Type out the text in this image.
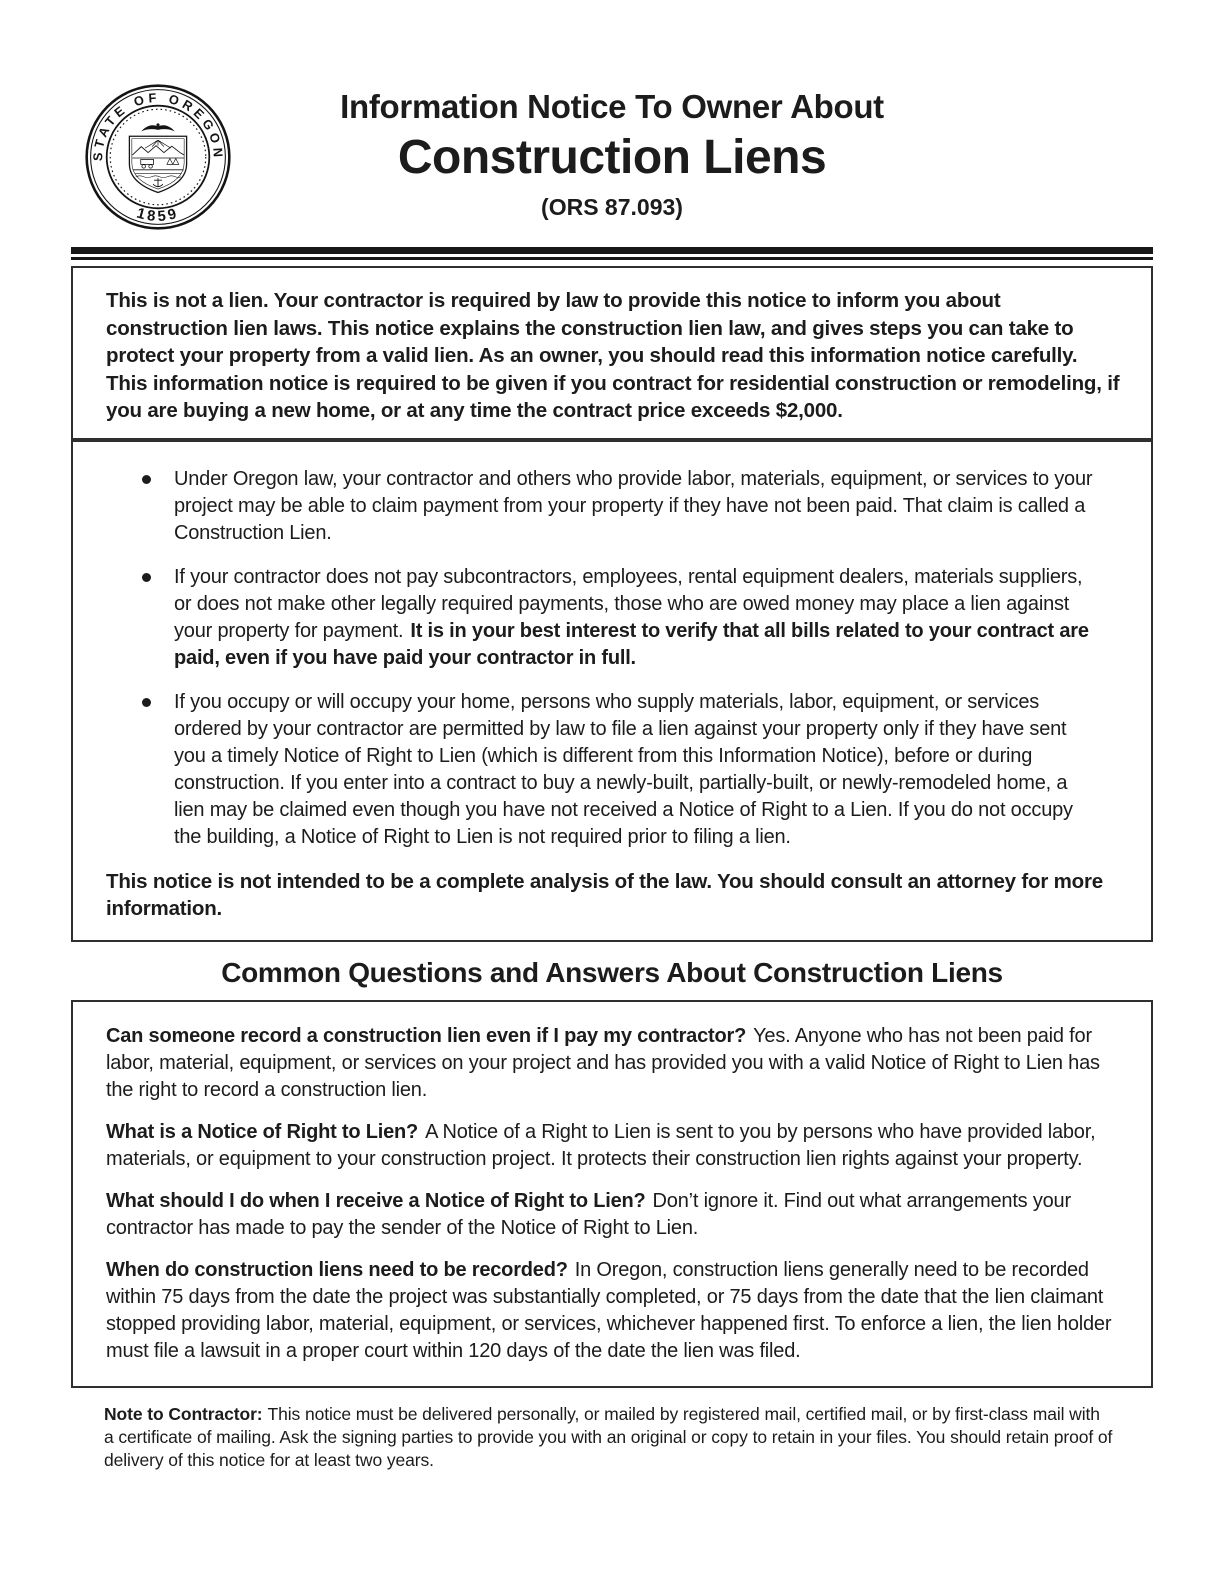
STATE OF OREGON
1859
Information Notice To Owner About
Construction Liens
(ORS 87.093)
This is not a lien. Your contractor is required by law to provide this notice to inform you about construction lien laws. This notice explains the construction lien law, and gives steps you can take to protect your property from a valid lien. As an owner, you should read this information notice carefully. This information notice is required to be given if you contract for residential construction or remodeling, if you are buying a new home, or at any time the contract price exceeds $2,000.
Under Oregon law, your contractor and others who provide labor, materials, equipment, or services to your project may be able to claim payment from your property if they have not been paid. That claim is called a Construction Lien.
If your contractor does not pay subcontractors, employees, rental equipment dealers, materials suppliers, or does not make other legally required payments, those who are owed money may place a lien against your property for payment. It is in your best interest to verify that all bills related to your contract are paid, even if you have paid your contractor in full.
If you occupy or will occupy your home, persons who supply materials, labor, equipment, or services ordered by your contractor are permitted by law to file a lien against your property only if they have sent you a timely Notice of Right to Lien (which is different from this Information Notice), before or during construction. If you enter into a contract to buy a newly-built, partially-built, or newly-remodeled home, a lien may be claimed even though you have not received a Notice of Right to a Lien. If you do not occupy the building, a Notice of Right to Lien is not required prior to filing a lien.
This notice is not intended to be a complete analysis of the law. You should consult an attorney for more information.
Common Questions and Answers About Construction Liens

Can someone record a construction lien even if I pay my contractor? Yes. Anyone who has not been paid for labor, material, equipment, or services on your project and has provided you with a valid Notice of Right to Lien has the right to record a construction lien.

What is a Notice of Right to Lien? A Notice of a Right to Lien is sent to you by persons who have provided labor, materials, or equipment to your construction project. It protects their construction lien rights against your property.

What should I do when I receive a Notice of Right to Lien? Don’t ignore it. Find out what arrangements your contractor has made to pay the sender of the Notice of Right to Lien.

When do construction liens need to be recorded? In Oregon, construction liens generally need to be recorded within 75 days from the date the project was substantially completed, or 75 days from the date that the lien claimant stopped providing labor, material, equipment, or services, whichever happened first. To enforce a lien, the lien holder must file a lawsuit in a proper court within 120 days of the date the lien was filed.

Note to Contractor: This notice must be delivered personally, or mailed by registered mail, certified mail, or by first-class mail with a certificate of mailing. Ask the signing parties to provide you with an original or copy to retain in your files. You should retain proof of delivery of this notice for at least two years.
